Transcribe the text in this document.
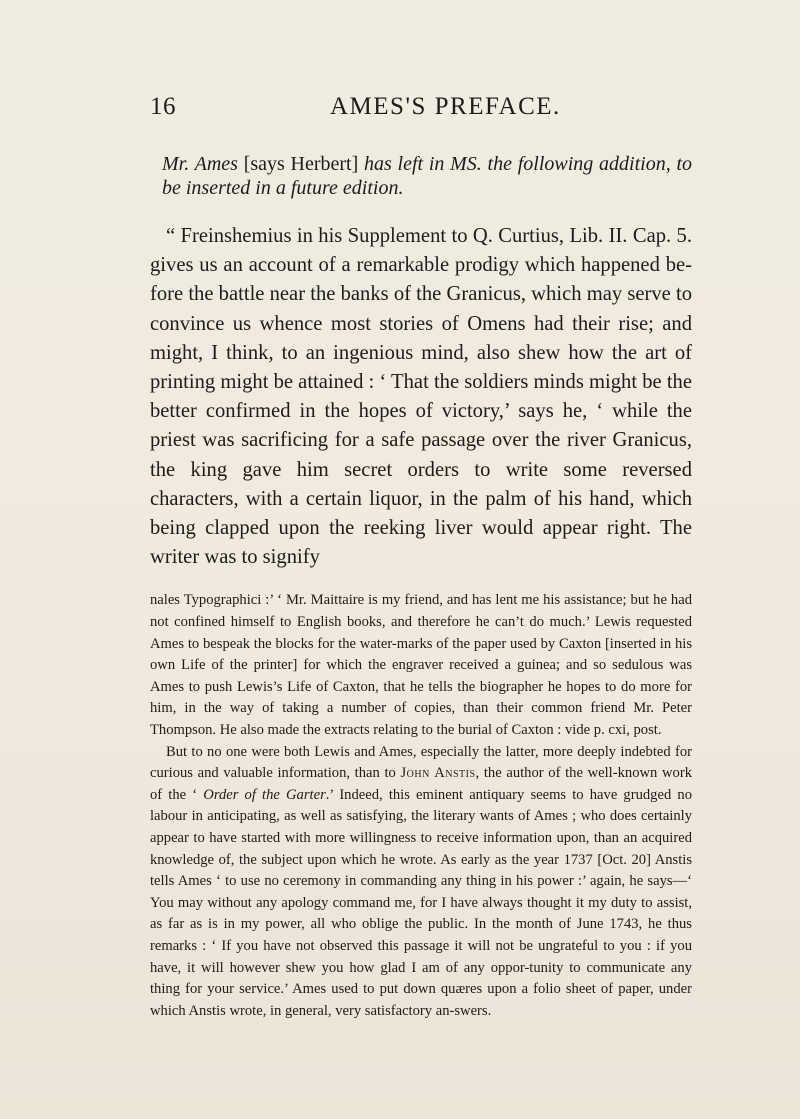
16	AMES'S PREFACE.

Mr. Ames [says Herbert] has left in MS. the following addition, to be inserted in a future edition.

“ Freinshemius in his Supplement to Q. Curtius, Lib. II. Cap. 5. gives us an account of a remarkable prodigy which happened be-fore the battle near the banks of the Granicus, which may serve to convince us whence most stories of Omens had their rise; and might, I think, to an ingenious mind, also shew how the art of printing might be attained : ‘ That the soldiers minds might be the better confirmed in the hopes of victory,’ says he, ‘ while the priest was sacrificing for a safe passage over the river Granicus, the king gave him secret orders to write some reversed characters, with a certain liquor, in the palm of his hand, which being clapped upon the reeking liver would appear right. The writer was to signify

nales Typographici :’ ‘ Mr. Maittaire is my friend, and has lent me his assistance; but he had not confined himself to English books, and therefore he can’t do much.’ Lewis requested Ames to bespeak the blocks for the water-marks of the paper used by Caxton [inserted in his own Life of the printer] for which the engraver received a guinea; and so sedulous was Ames to push Lewis’s Life of Caxton, that he tells the biographer he hopes to do more for him, in the way of taking a number of copies, than their common friend Mr. Peter Thompson. He also made the extracts relating to the burial of Caxton : vide p. cxi, post.

But to no one were both Lewis and Ames, especially the latter, more deeply indebted for curious and valuable information, than to John Anstis, the author of the well-known work of the ‘ Order of the Garter.’ Indeed, this eminent antiquary seems to have grudged no labour in anticipating, as well as satisfying, the literary wants of Ames ; who does certainly appear to have started with more willingness to receive information upon, than an acquired knowledge of, the subject upon which he wrote. As early as the year 1737 [Oct. 20] Anstis tells Ames ‘ to use no ceremony in commanding any thing in his power :’ again, he says—‘ You may without any apology command me, for I have always thought it my duty to assist, as far as is in my power, all who oblige the public. In the month of June 1743, he thus remarks : ‘ If you have not observed this passage it will not be ungrateful to you : if you have, it will however shew you how glad I am of any oppor-tunity to communicate any thing for your service.’ Ames used to put down quæres upon a folio sheet of paper, under which Anstis wrote, in general, very satisfactory an-swers.
